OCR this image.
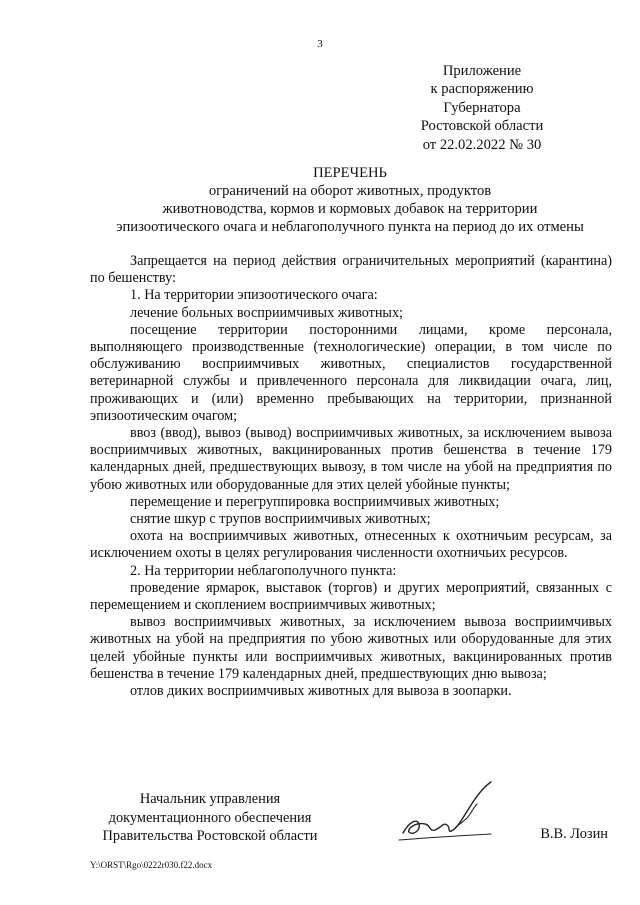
3
Приложение
к распоряжению
Губернатора
Ростовской области
от 22.02.2022 № 30
ПЕРЕЧЕНЬ
ограничений на оборот животных, продуктов
животноводства, кормов и кормовых добавок на территории
эпизоотического очага и неблагополучного пункта на период до их отмены

Запрещается на период действия ограничительных мероприятий (карантина) по бешенству:

1. На территории эпизоотического очага:

лечение больных восприимчивых животных;

посещение территории посторонними лицами, кроме персонала, выполняющего производственные (технологические) операции, в том числе по обслуживанию восприимчивых животных, специалистов государственной ветеринарной службы и привлеченного персонала для ликвидации очага, лиц, проживающих и (или) временно пребывающих на территории, признанной эпизоотическим очагом;

ввоз (ввод), вывоз (вывод) восприимчивых животных, за исключением вывоза восприимчивых животных, вакцинированных против бешенства в течение 179 календарных дней, предшествующих вывозу, в том числе на убой на предприятия по убою животных или оборудованные для этих целей убойные пункты;

перемещение и перегруппировка восприимчивых животных;

снятие шкур с трупов восприимчивых животных;

охота на восприимчивых животных, отнесенных к охотничьим ресурсам, за исключением охоты в целях регулирования численности охотничьих ресурсов.

2. На территории неблагополучного пункта:

проведение ярмарок, выставок (торгов) и других мероприятий, связанных с перемещением и скоплением восприимчивых животных;

вывоз восприимчивых животных, за исключением вывоза восприимчивых животных на убой на предприятия по убою животных или оборудованные для этих целей убойные пункты или восприимчивых животных, вакцинированных против бешенства в течение 179 календарных дней, предшествующих дню вывоза;

отлов диких восприимчивых животных для вывоза в зоопарки.

Начальник управления
документационного обеспечения
Правительства Ростовской области	В.В. Лозин
Y:\ORST\Rgo\0222r030.f22.docx
